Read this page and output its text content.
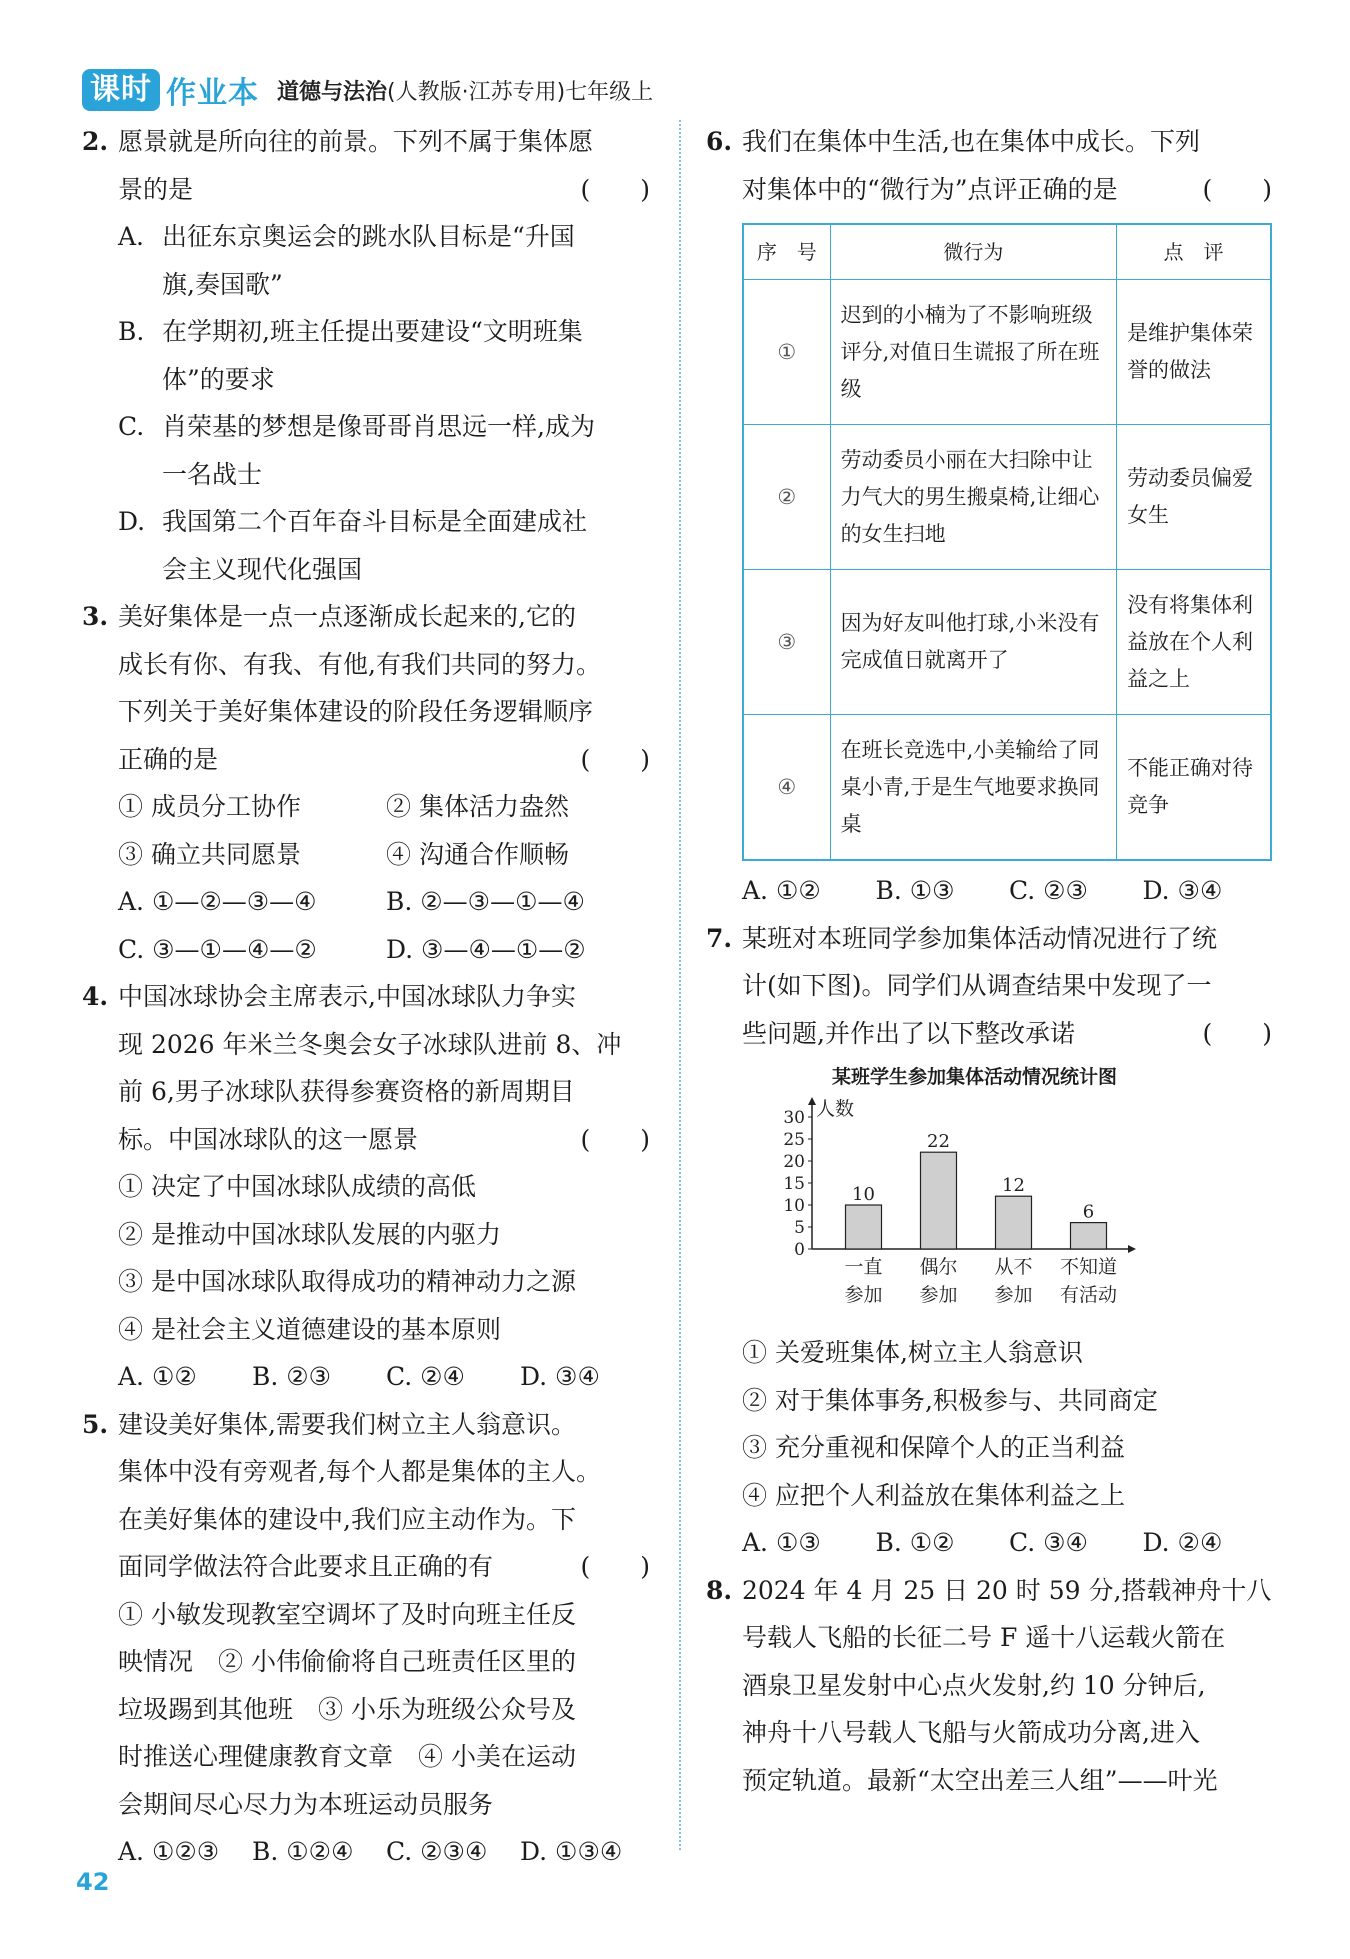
课时 作业本 道德与法治 (人教版·江苏专用)七年级上
2. 愿景就是所向往的前景。下列不属于集体愿
景的是	(　　)
A. 出征东京奥运会的跳水队目标是“升国
旗,奏国歌”
B. 在学期初,班主任提出要建设“文明班集
体”的要求
C. 肖荣基的梦想是像哥哥肖思远一样,成为
一名战士
D. 我国第二个百年奋斗目标是全面建成社
会主义现代化强国
3. 美好集体是一点一点逐渐成长起来的,它的
成长有你、有我、有他,有我们共同的努力。
下列关于美好集体建设的阶段任务逻辑顺序
正确的是	(　　)
① 成员分工协作	② 集体活力盎然
③ 确立共同愿景	④ 沟通合作顺畅
A. ①—②—③—④	B. ②—③—①—④
C. ③—①—④—②	D. ③—④—①—②
4. 中国冰球协会主席表示,中国冰球队力争实
现 2026 年米兰冬奥会女子冰球队进前 8、冲
前 6,男子冰球队获得参赛资格的新周期目
标。中国冰球队的这一愿景	(　　)
① 决定了中国冰球队成绩的高低
② 是推动中国冰球队发展的内驱力
③ 是中国冰球队取得成功的精神动力之源
④ 是社会主义道德建设的基本原则
A. ①②	B. ②③	C. ②④	D. ③④
5. 建设美好集体,需要我们树立主人翁意识。
集体中没有旁观者,每个人都是集体的主人。
在美好集体的建设中,我们应主动作为。下
面同学做法符合此要求且正确的有	(　　)
① 小敏发现教室空调坏了及时向班主任反
映情况　② 小伟偷偷将自己班责任区里的
垃圾踢到其他班　③ 小乐为班级公众号及
时推送心理健康教育文章　④ 小美在运动
会期间尽心尽力为本班运动员服务
A. ①②③	B. ①②④	C. ②③④	D. ①③④
6. 我们在集体中生活,也在集体中成长。下列
对集体中的“微行为”点评正确的是	(　　)
序　号	微行为	点　评
①	迟到的小楠为了不影响班级评分,对值日生谎报了所在班级	是维护集体荣誉的做法
②	劳动委员小丽在大扫除中让力气大的男生搬桌椅,让细心的女生扫地	劳动委员偏爱女生
③	因为好友叫他打球,小米没有完成值日就离开了	没有将集体利益放在个人利益之上
④	在班长竞选中,小美输给了同桌小青,于是生气地要求换同桌	不能正确对待竞争
A. ①②	B. ①③	C. ②③	D. ③④
7. 某班对本班同学参加集体活动情况进行了统
计(如下图)。同学们从调查结果中发现了一
些问题,并作出了以下整改承诺	(　　)
某班学生参加集体活动情况统计图
人数
0
5
10
15
20
25
30
10
一直
参加
22
偶尔
参加
12
从不
参加
6
不知道
有活动
① 关爱班集体,树立主人翁意识
② 对于集体事务,积极参与、共同商定
③ 充分重视和保障个人的正当利益
④ 应把个人利益放在集体利益之上
A. ①③	B. ①②	C. ③④	D. ②④
8. 2024 年 4 月 25 日 20 时 59 分,搭载神舟十八
号载人飞船的长征二号 F 遥十八运载火箭在
酒泉卫星发射中心点火发射,约 10 分钟后,
神舟十八号载人飞船与火箭成功分离,进入
预定轨道。最新“太空出差三人组”——叶光
42
